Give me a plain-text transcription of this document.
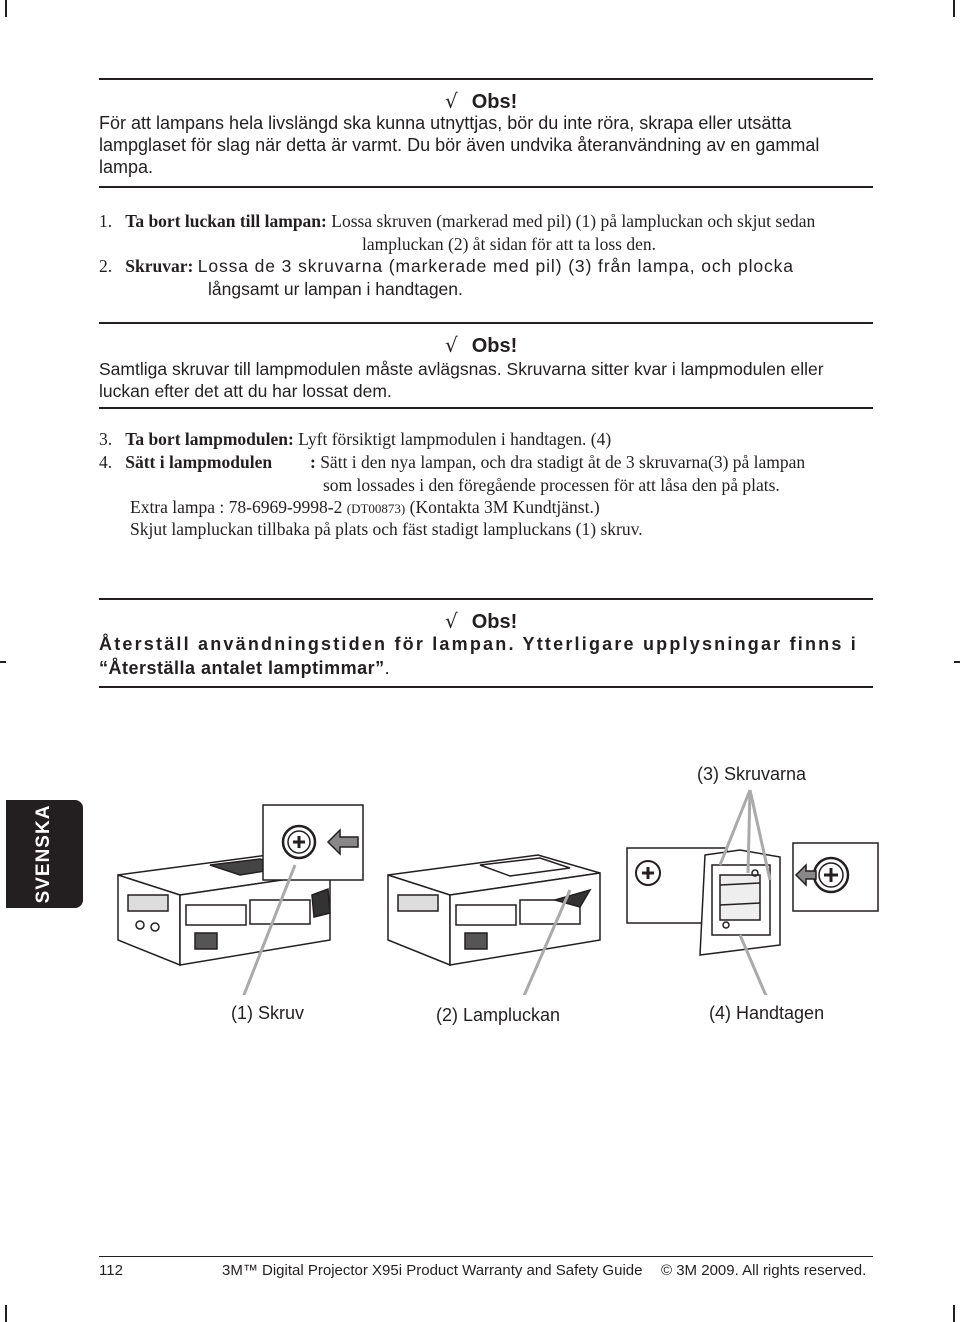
√ Obs!
För att lampans hela livslängd ska kunna utnyttjas, bör du inte röra, skrapa eller utsätta lampglaset för slag när detta är varmt. Du bör även undvika återanvändning av en gammal lampa.
1. Ta bort luckan till lampan: Lossa skruven (markerad med pil) (1) på lampluckan och skjut sedan
lampluckan (2) åt sidan för att ta loss den.
2. Skruvar: Lossa de 3 skruvarna (markerade med pil) (3) från lampa, och plocka
långsamt ur lampan i handtagen.
√ Obs!
Samtliga skruvar till lampmodulen måste avlägsnas. Skruvarna sitter kvar i lampmodulen eller luckan efter det att du har lossat dem.
3. Ta bort lampmodulen: Lyft försiktigt lampmodulen i handtagen. (4)
4. Sätt i lampmodulen : Sätt i den nya lampan, och dra stadigt åt de 3 skruvarna(3) på lampan
som lossades i den föregående processen för att låsa den på plats.
Extra lampa : 78-6969-9998-2 (DT00873) (Kontakta 3M Kundtjänst.)
Skjut lampluckan tillbaka på plats och fäst stadigt lampluckans (1) skruv.
√ Obs!
Återställ användningstiden för lampan. Ytterligare upplysningar finns i
“Återställa antalet lamptimmar”.
SVENSKA
(3) Skruvarna
(1) Skruv	(2) Lampluckan	(4) Handtagen
112	3M™ Digital Projector X95i Product Warranty and Safety Guide © 3M 2009. All rights reserved.
